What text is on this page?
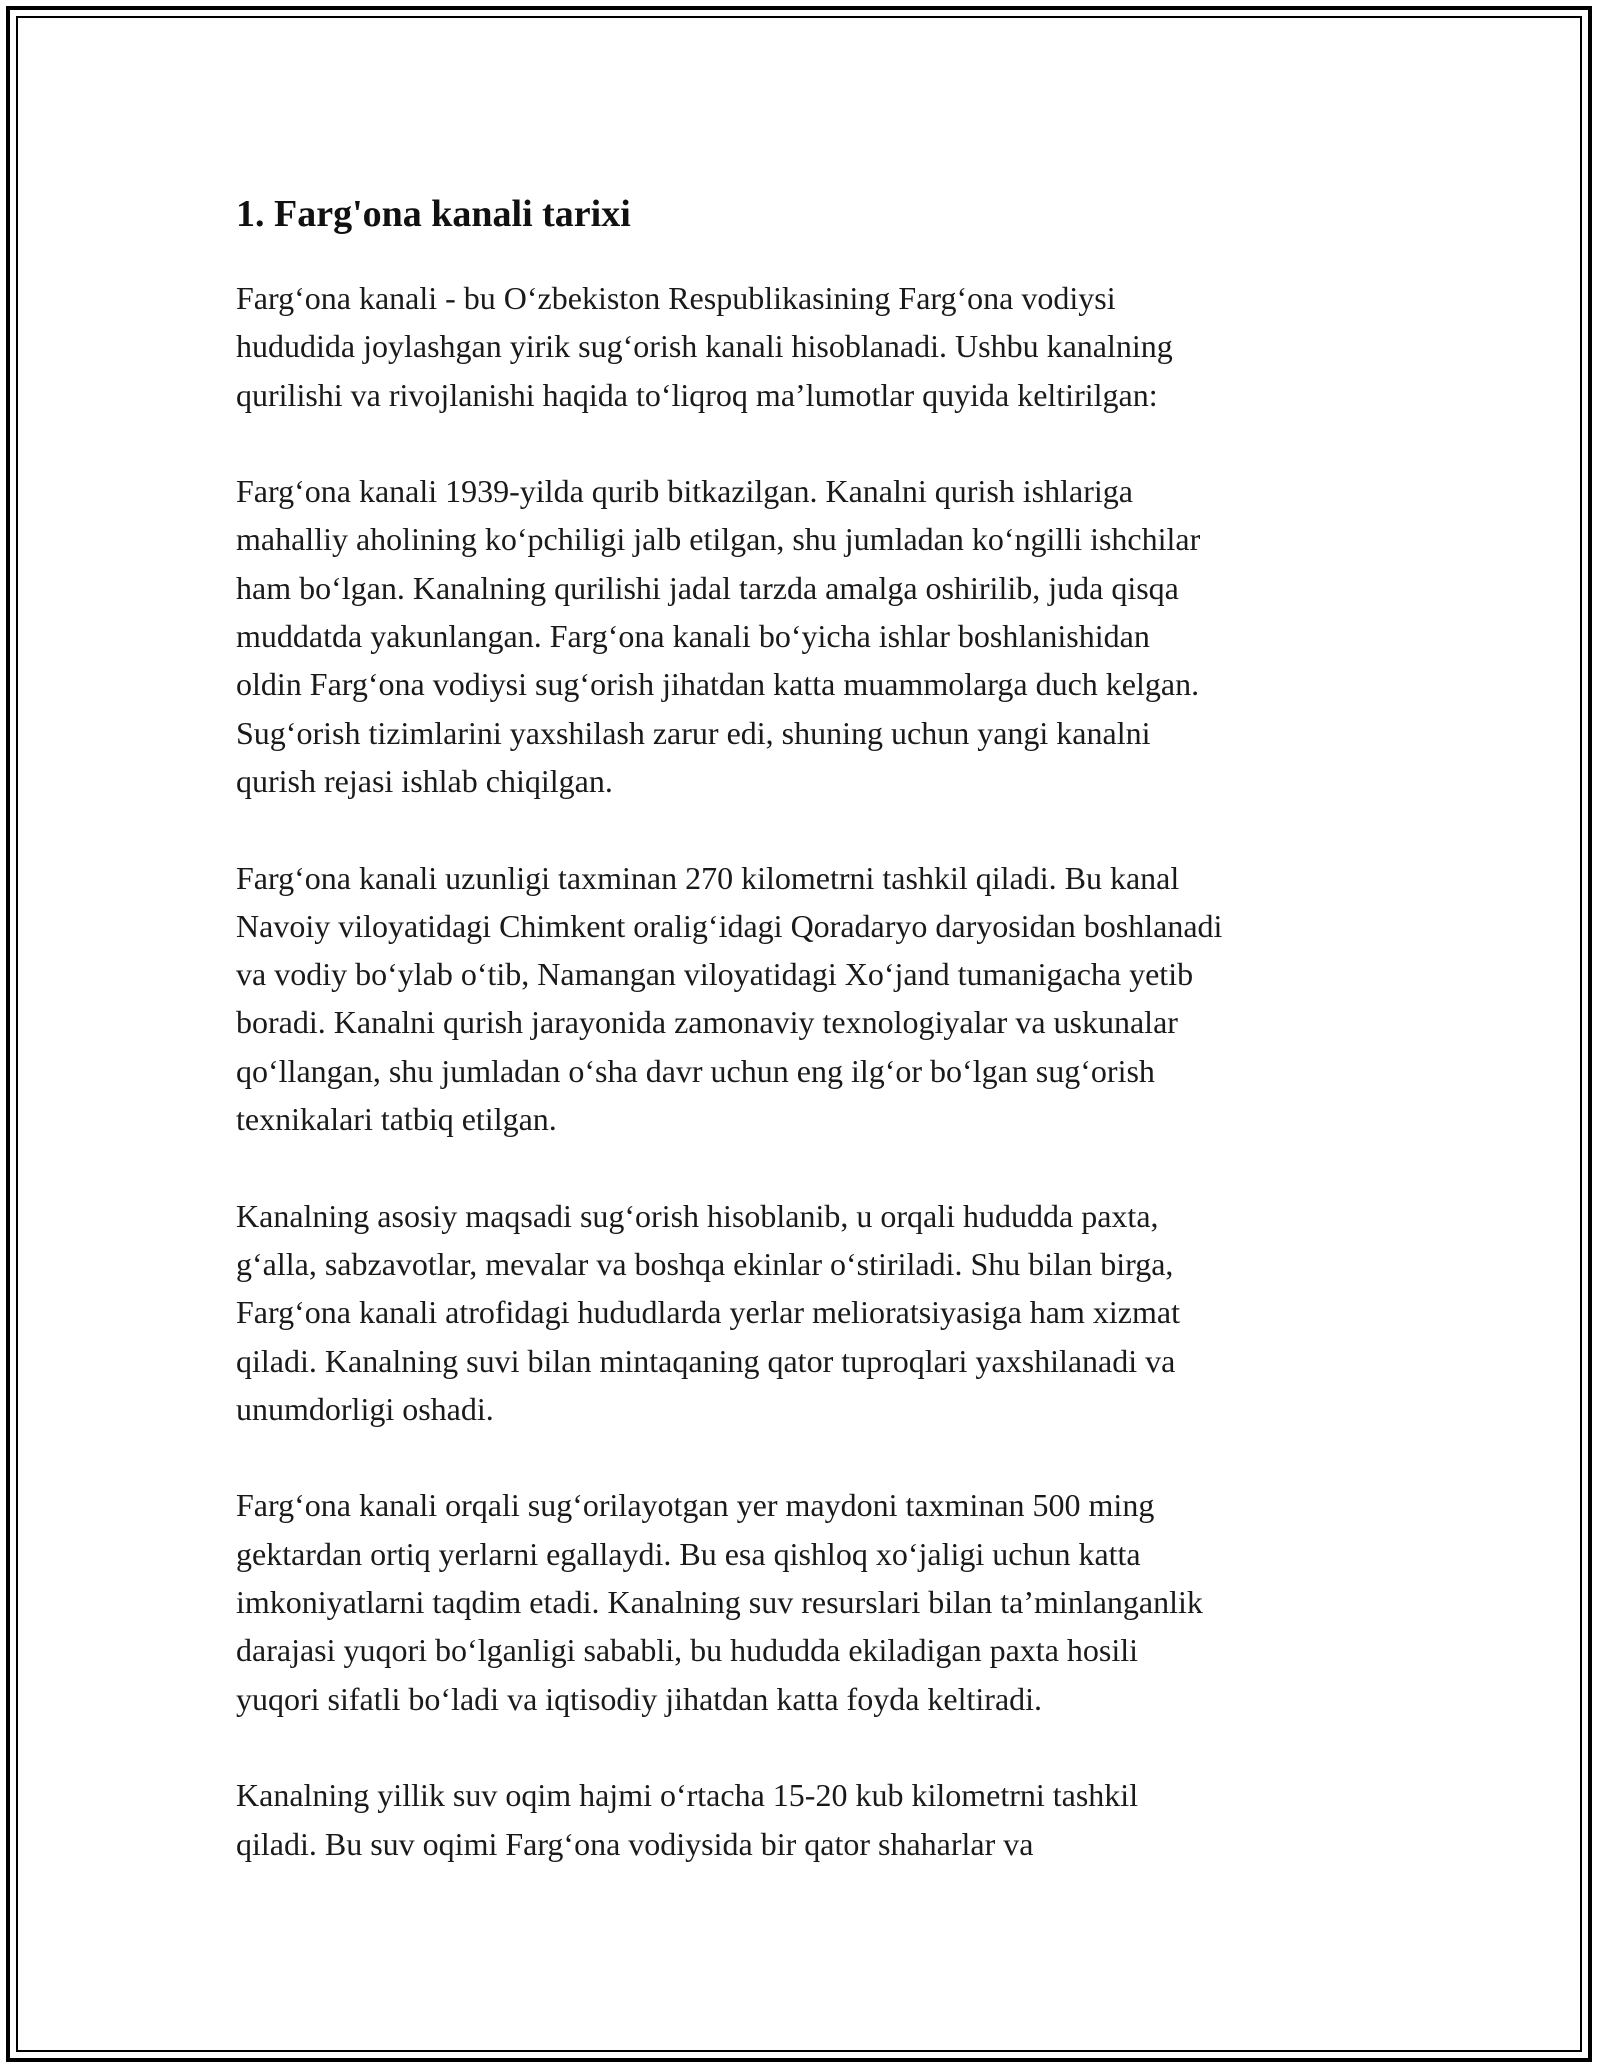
1. Farg'ona kanali tarixi

Farg‘ona kanali - bu O‘zbekiston Respublikasining Farg‘ona vodiysi
hududida joylashgan yirik sug‘orish kanali hisoblanadi. Ushbu kanalning
qurilishi va rivojlanishi haqida to‘liqroq ma’lumotlar quyida keltirilgan:

Farg‘ona kanali 1939-yilda qurib bitkazilgan. Kanalni qurish ishlariga
mahalliy aholining ko‘pchiligi jalb etilgan, shu jumladan ko‘ngilli ishchilar
ham bo‘lgan. Kanalning qurilishi jadal tarzda amalga oshirilib, juda qisqa
muddatda yakunlangan. Farg‘ona kanali bo‘yicha ishlar boshlanishidan
oldin Farg‘ona vodiysi sug‘orish jihatdan katta muammolarga duch kelgan.
Sug‘orish tizimlarini yaxshilash zarur edi, shuning uchun yangi kanalni
qurish rejasi ishlab chiqilgan.

Farg‘ona kanali uzunligi taxminan 270 kilometrni tashkil qiladi. Bu kanal
Navoiy viloyatidagi Chimkent oralig‘idagi Qoradaryo daryosidan boshlanadi
va vodiy bo‘ylab o‘tib, Namangan viloyatidagi Xo‘jand tumanigacha yetib
boradi. Kanalni qurish jarayonida zamonaviy texnologiyalar va uskunalar
qo‘llangan, shu jumladan o‘sha davr uchun eng ilg‘or bo‘lgan sug‘orish
texnikalari tatbiq etilgan.

Kanalning asosiy maqsadi sug‘orish hisoblanib, u orqali hududda paxta,
g‘alla, sabzavotlar, mevalar va boshqa ekinlar o‘stiriladi. Shu bilan birga,
Farg‘ona kanali atrofidagi hududlarda yerlar melioratsiyasiga ham xizmat
qiladi. Kanalning suvi bilan mintaqaning qator tuproqlari yaxshilanadi va
unumdorligi oshadi.

Farg‘ona kanali orqali sug‘orilayotgan yer maydoni taxminan 500 ming
gektardan ortiq yerlarni egallaydi. Bu esa qishloq xo‘jaligi uchun katta
imkoniyatlarni taqdim etadi. Kanalning suv resurslari bilan ta’minlanganlik
darajasi yuqori bo‘lganligi sababli, bu hududda ekiladigan paxta hosili
yuqori sifatli bo‘ladi va iqtisodiy jihatdan katta foyda keltiradi.

Kanalning yillik suv oqim hajmi o‘rtacha 15-20 kub kilometrni tashkil
qiladi. Bu suv oqimi Farg‘ona vodiysida bir qator shaharlar va
